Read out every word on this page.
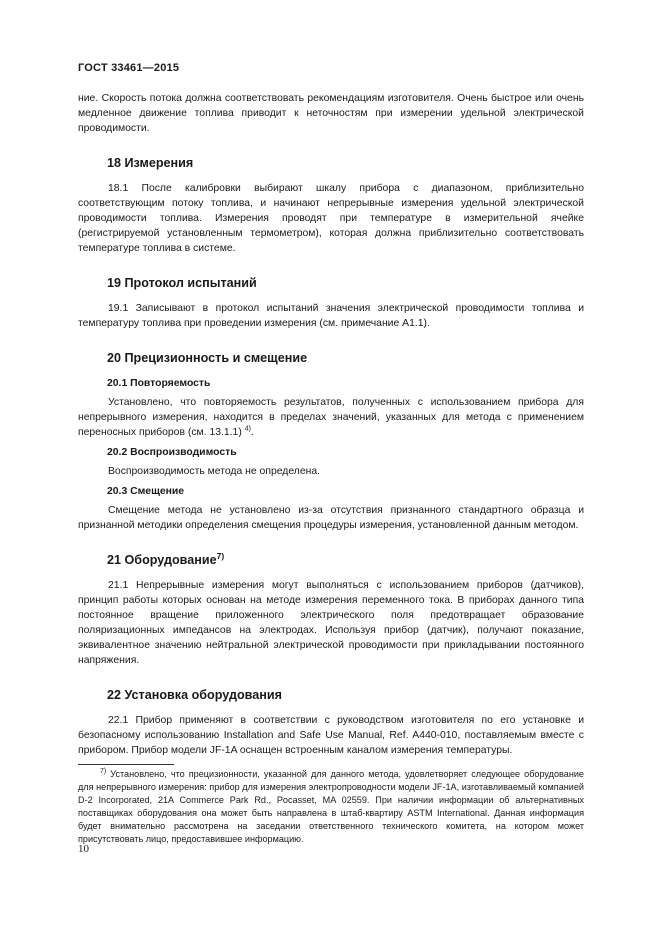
ГОСТ 33461—2015

ние. Скорость потока должна соответствовать рекомендациям изготовителя. Очень быстрое или очень медленное движение топлива приводит к неточностям при измерении удельной электрической проводимости.

18 Измерения

18.1 После калибровки выбирают шкалу прибора с диапазоном, приблизительно соответствующим потоку топлива, и начинают непрерывные измерения удельной электрической проводимости топлива. Измерения проводят при температуре в измерительной ячейке (регистрируемой установленным термометром), которая должна приблизительно соответствовать температуре топлива в системе.

19 Протокол испытаний

19.1 Записывают в протокол испытаний значения электрической проводимости топлива и температуру топлива при проведении измерения (см. примечание А1.1).

20 Прецизионность и смещение
20.1 Повторяемость

Установлено, что повторяемость результатов, полученных с использованием прибора для непрерывного измерения, находится в пределах значений, указанных для метода с применением переносных приборов (см. 13.1.1) $^{4)}$.

20.2 Воспроизводимость

Воспроизводимость метода не определена.

20.3 Смещение

Смещение метода не установлено из-за отсутствия признанного стандартного образца и признанной методики определения смещения процедуры измерения, установленной данным методом.

21 Оборудование$^{7)}$

21.1 Непрерывные измерения могут выполняться с использованием приборов (датчиков), принцип работы которых основан на методе измерения переменного тока. В приборах данного типа постоянное вращение приложенного электрического поля предотвращает образование поляризационных импедансов на электродах. Используя прибор (датчик), получают показание, эквивалентное значению нейтральной электрической проводимости при прикладывании постоянного напряжения.

22 Установка оборудования

22.1 Прибор применяют в соответствии с руководством изготовителя по его установке и безопасному использованию Installation and Safe Use Manual, Ref. A440-010, поставляемым вместе с прибором. Прибор модели JF-1A оснащен встроенным каналом измерения температуры.

$^{7)}$ Установлено, что прецизионности, указанной для данного метода, удовлетворяет следующее оборудование для непрерывного измерения: прибор для измерения электропроводности модели JF-1A, изготавливаемый компанией D-2 Incorporated, 21A Commerce Park Rd., Pocasset, MA 02559. При наличии информации об альтернативных поставщиках оборудования она может быть направлена в штаб-квартиру ASTM International. Данная информация будет внимательно рассмотрена на заседании ответственного технического комитета, на котором может присутствовать лицо, предоставившее информацию.

10
